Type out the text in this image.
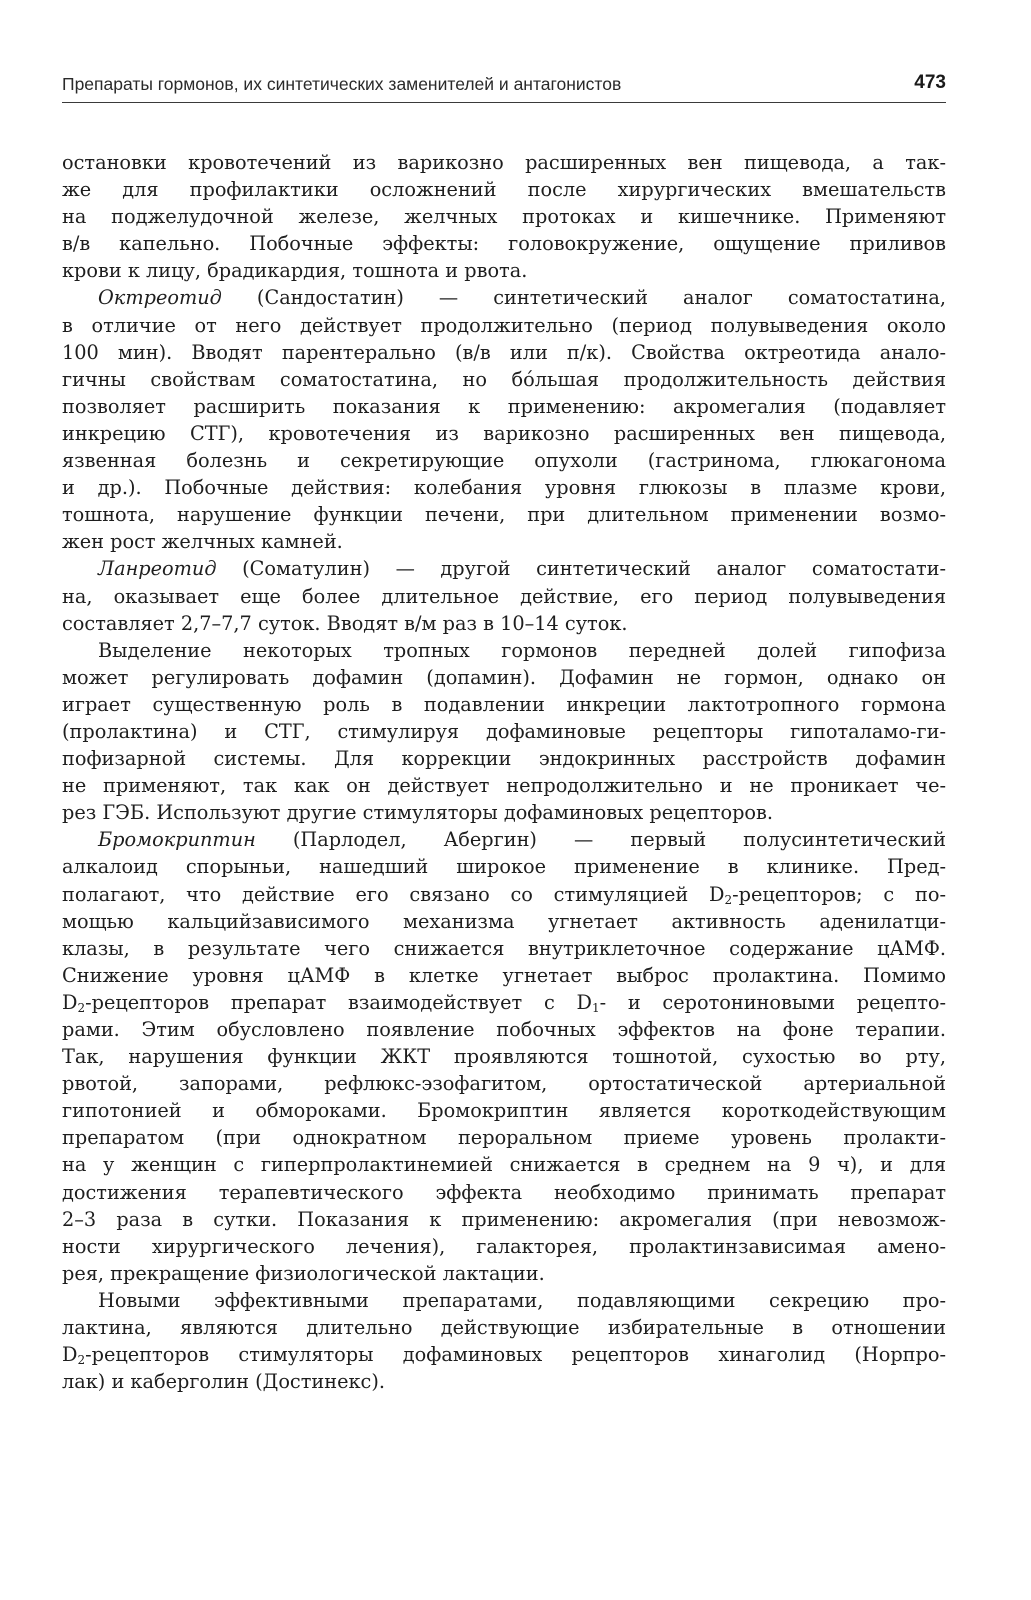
Препараты гормонов, их синтетических заменителей и антагонистов	473
остановки кровотечений из варикозно расширенных вен пищевода, а так-
же для профилактики осложнений после хирургических вмешательств
на поджелудочной железе, желчных протоках и кишечнике. Применяют
в/в капельно. Побочные эффекты: головокружение, ощущение приливов
крови к лицу, брадикардия, тошнота и рвота.
Октреотид (Сандостатин) — синтетический аналог соматостатина,
в отличие от него действует продолжительно (период полувыведения около
100 мин). Вводят парентерально (в/в или п/к). Свойства октреотида анало-
гичны свойствам соматостатина, но бóльшая продолжительность действия
позволяет расширить показания к применению: акромегалия (подавляет
инкрецию СТГ), кровотечения из варикозно расширенных вен пищевода,
язвенная болезнь и секретирующие опухоли (гастринома, глюкагонома
и др.). Побочные действия: колебания уровня глюкозы в плазме крови,
тошнота, нарушение функции печени, при длительном применении возмо-
жен рост желчных камней.
Ланреотид (Соматулин) — другой синтетический аналог соматостати-
на, оказывает еще более длительное действие, его период полувыведения
составляет 2,7–7,7 суток. Вводят в/м раз в 10–14 суток.
Выделение некоторых тропных гормонов передней долей гипофиза
может регулировать дофамин (допамин). Дофамин не гормон, однако он
играет существенную роль в подавлении инкреции лактотропного гормона
(пролактина) и СТГ, стимулируя дофаминовые рецепторы гипоталамо-ги-
пофизарной системы. Для коррекции эндокринных расстройств дофамин
не применяют, так как он действует непродолжительно и не проникает че-
рез ГЭБ. Используют другие стимуляторы дофаминовых рецепторов.
Бромокриптин (Парлодел, Абергин) — первый полусинтетический
алкалоид спорыньи, нашедший широкое применение в клинике. Пред-
полагают, что действие его связано со стимуляцией $D_2$-рецепторов; с по-
мощью кальцийзависимого механизма угнетает активность аденилатци-
клазы, в результате чего снижается внутриклеточное содержание цАМФ.
Снижение уровня цАМФ в клетке угнетает выброс пролактина. Помимо
$D_2$-рецепторов препарат взаимодействует с $D_1-$ и серотониновыми рецепто-
рами. Этим обусловлено появление побочных эффектов на фоне терапии.
Так, нарушения функции ЖКТ проявляются тошнотой, сухостью во рту,
рвотой, запорами, рефлюкс-эзофагитом, ортостатической артериальной
гипотонией и обмороками. Бромокриптин является короткодействующим
препаратом (при однократном пероральном приеме уровень пролакти-
на у женщин с гиперпролактинемией снижается в среднем на 9 ч), и для
достижения терапевтического эффекта необходимо принимать препарат
2–3 раза в сутки. Показания к применению: акромегалия (при невозмож-
ности хирургического лечения), галакторея, пролактинзависимая амено-
рея, прекращение физиологической лактации.
Новыми эффективными препаратами, подавляющими секрецию про-
лактина, являются длительно действующие избирательные в отношении
$D_2$-рецепторов стимуляторы дофаминовых рецепторов хинаголид (Норпро-
лак) и каберголин (Достинекс).
